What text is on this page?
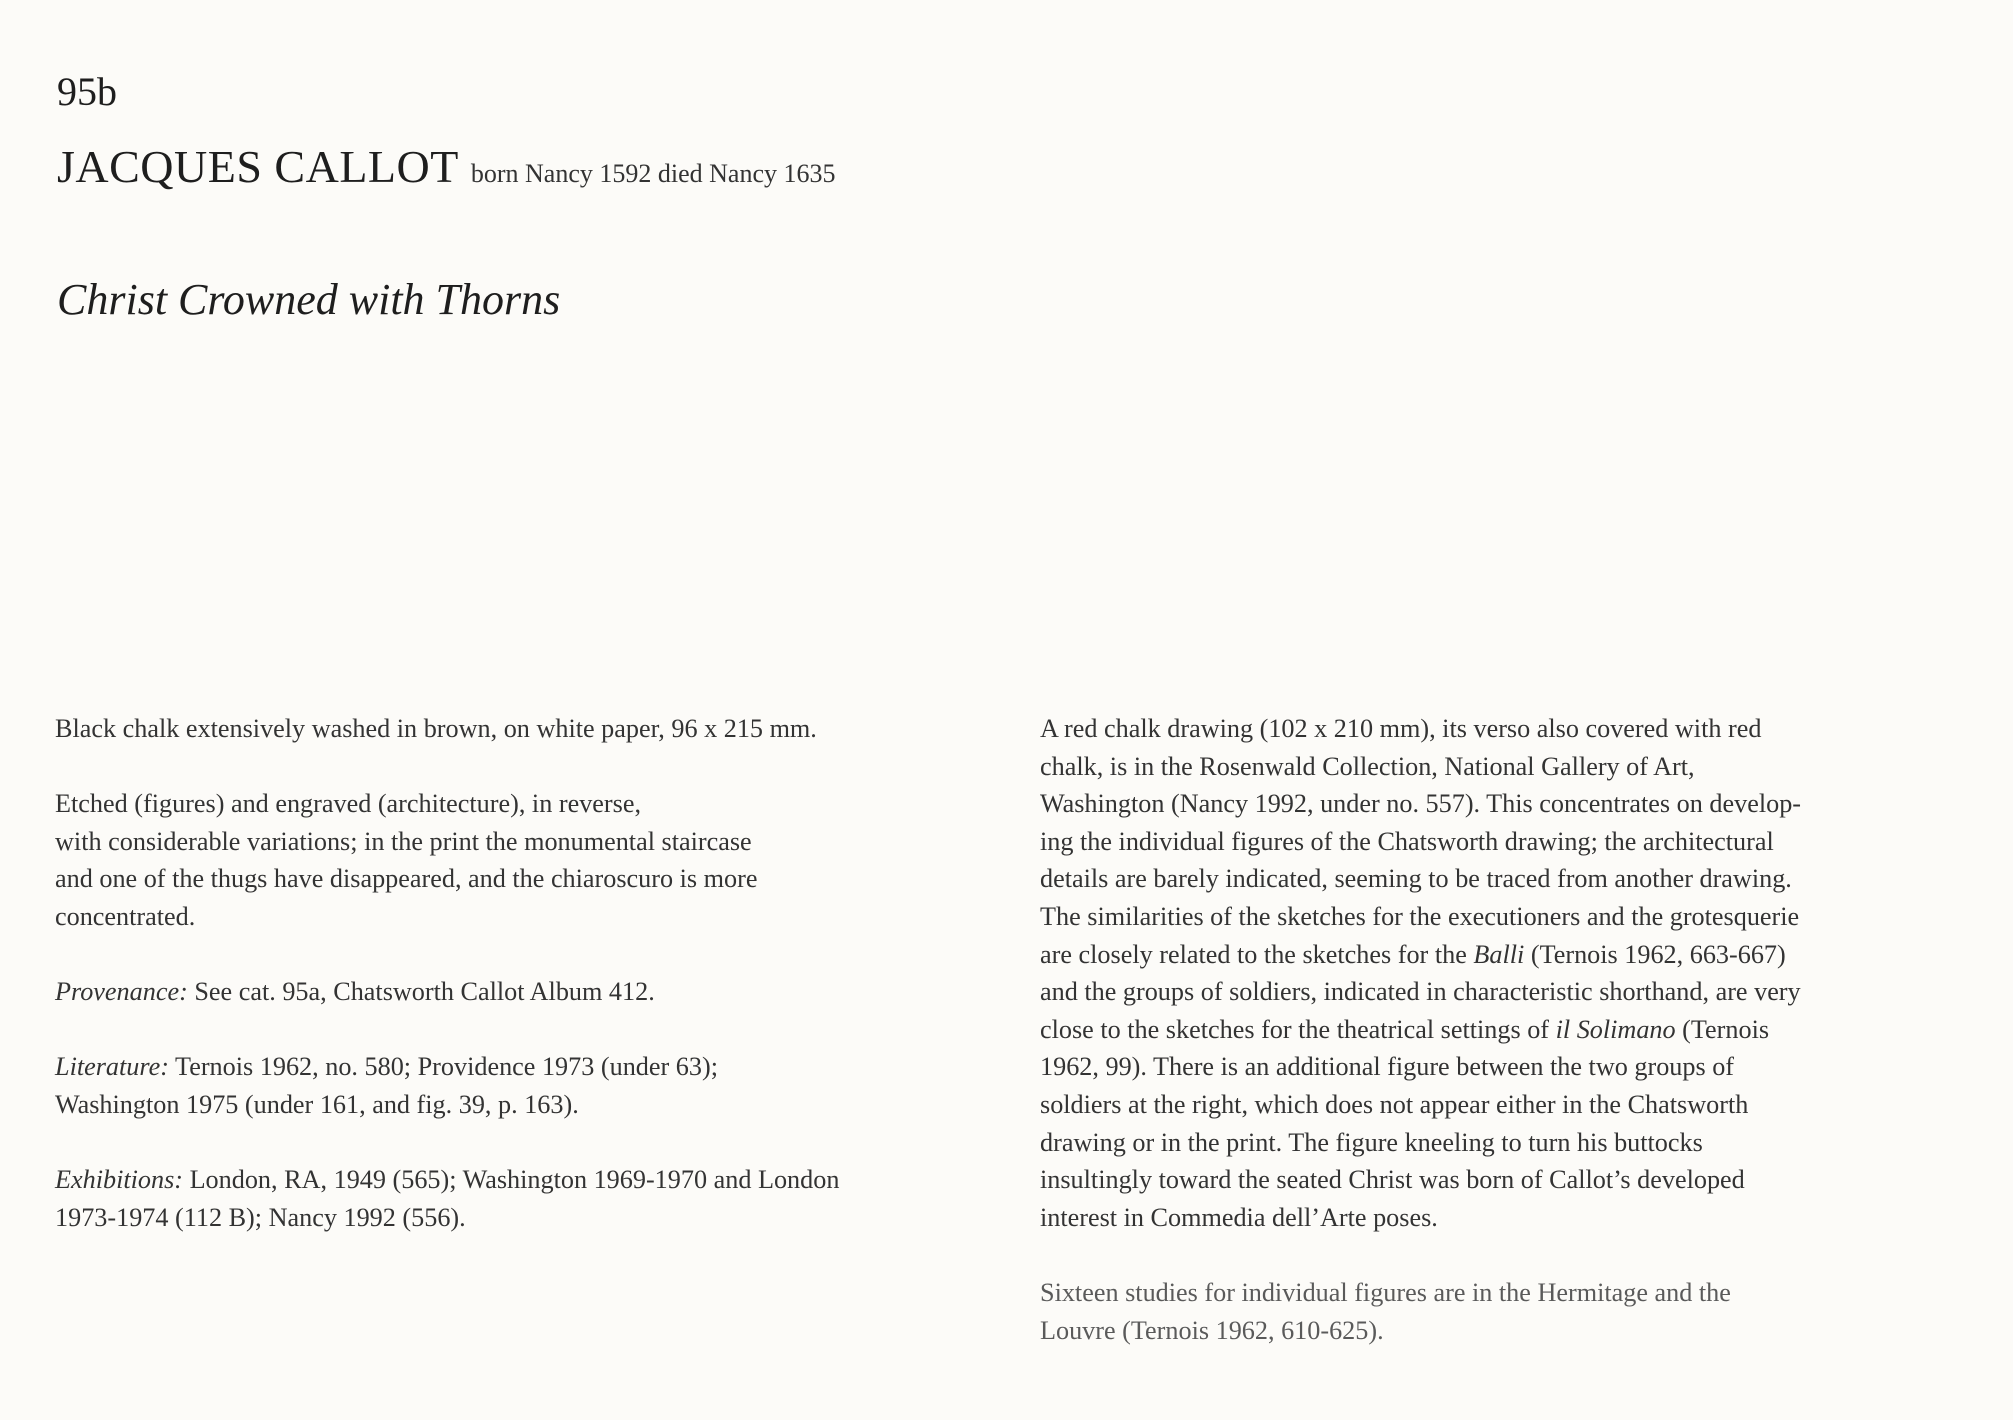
95b
JACQUES CALLOT born Nancy 1592 died Nancy 1635
Christ Crowned with Thorns

Black chalk extensively washed in brown, on white paper, 96 x 215 mm.

Etched (figures) and engraved (architecture), in reverse,
with considerable variations; in the print the monumental staircase
and one of the thugs have disappeared, and the chiaroscuro is more
concentrated.

Provenance: See cat. 95a, Chatsworth Callot Album 412.

Literature: Ternois 1962, no. 580; Providence 1973 (under 63);
Washington 1975 (under 161, and fig. 39, p. 163).

Exhibitions: London, RA, 1949 (565); Washington 1969-1970 and London
1973-1974 (112 B); Nancy 1992 (556).

A red chalk drawing (102 x 210 mm), its verso also covered with red
chalk, is in the Rosenwald Collection, National Gallery of Art,
Washington (Nancy 1992, under no. 557). This concentrates on develop-
ing the individual figures of the Chatsworth drawing; the architectural
details are barely indicated, seeming to be traced from another drawing.
The similarities of the sketches for the executioners and the grotesquerie
are closely related to the sketches for the Balli (Ternois 1962, 663-667)
and the groups of soldiers, indicated in characteristic shorthand, are very
close to the sketches for the theatrical settings of il Solimano (Ternois
1962, 99). There is an additional figure between the two groups of
soldiers at the right, which does not appear either in the Chatsworth
drawing or in the print. The figure kneeling to turn his buttocks
insultingly toward the seated Christ was born of Callot’s developed
interest in Commedia dell’Arte poses.

Sixteen studies for individual figures are in the Hermitage and the
Louvre (Ternois 1962, 610-625).
